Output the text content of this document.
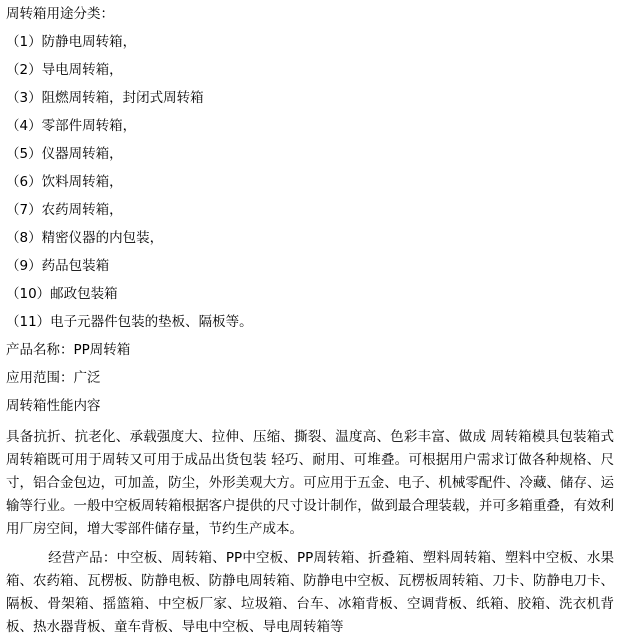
周转箱用途分类：
（1）防静电周转箱，
（2）导电周转箱，
（3）阻燃周转箱，封闭式周转箱
（4）零部件周转箱，
（5）仪器周转箱，
（6）饮料周转箱，
（7）农药周转箱，
（8）精密仪器的内包装，
（9）药品包装箱
（10）邮政包装箱
（11）电子元器件包装的垫板、隔板等。
产品名称：PP周转箱
应用范围：广泛
周转箱性能内容
具备抗折、抗老化、承载强度大、拉伸、压缩、撕裂、温度高、色彩丰富、做成 周转箱模具包装箱式周转箱既可用于周转又可用于成品出货包装 轻巧、耐用、可堆叠。可根据用户需求订做各种规格、尺寸，铝合金包边，可加盖，防尘，外形美观大方。可应用于五金、电子、机械零配件、冷藏、储存、运输等行业。一般中空板周转箱根据客户提供的尺寸设计制作，做到最合理装载，并可多箱重叠，有效利用厂房空间，增大零部件储存量，节约生产成本。
经营产品：中空板、周转箱、PP中空板、PP周转箱、折叠箱、塑料周转箱、塑料中空板、水果箱、农药箱、瓦楞板、防静电板、防静电周转箱、防静电中空板、瓦楞板周转箱、刀卡、防静电刀卡、隔板、骨架箱、摇篮箱、中空板厂家、垃圾箱、台车、冰箱背板、空调背板、纸箱、胶箱、洗衣机背板、热水器背板、童车背板、导电中空板、导电周转箱等
